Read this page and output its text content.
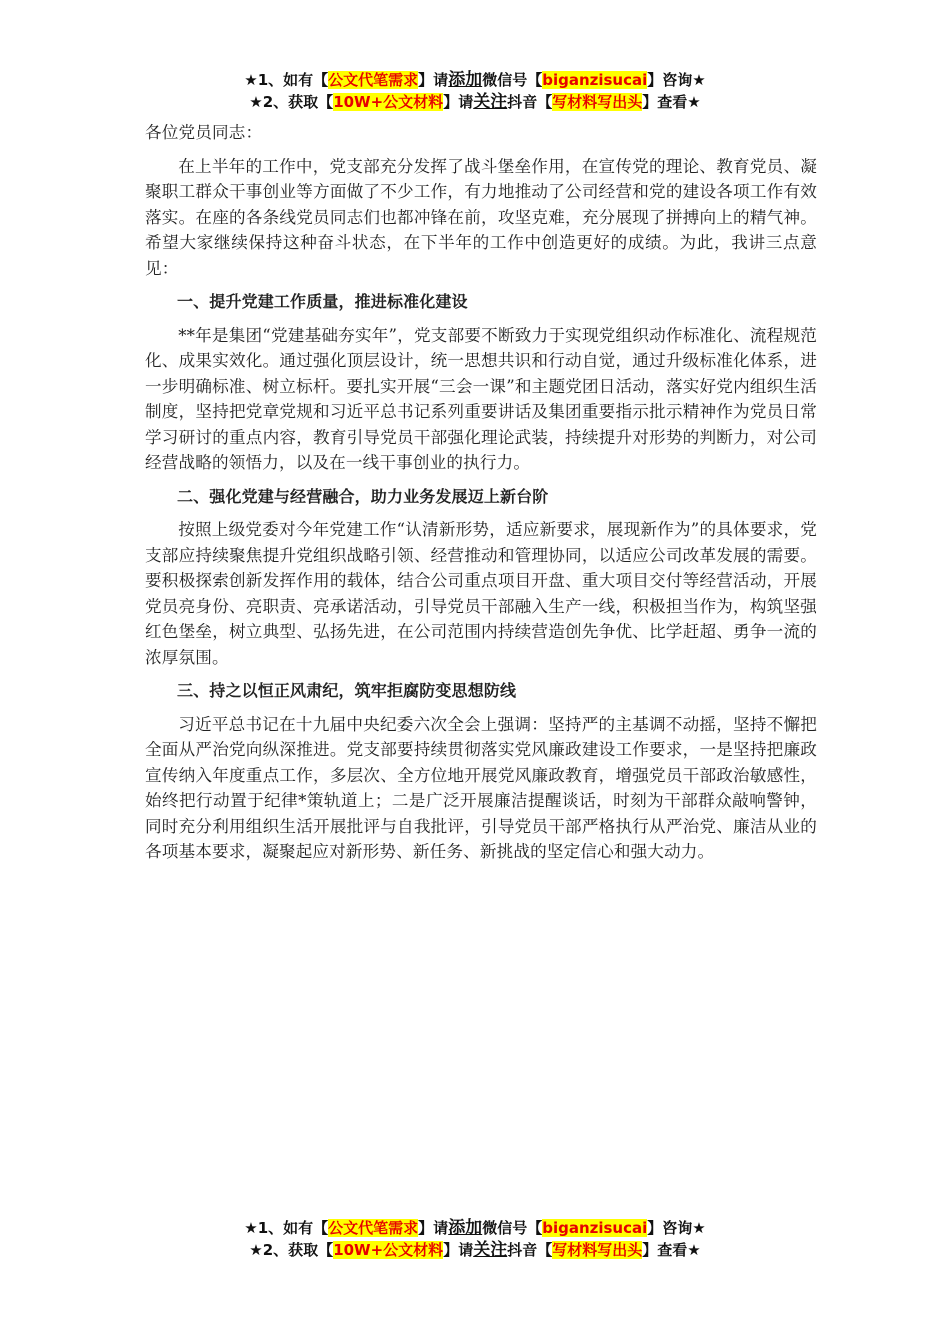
★1、如有【公文代笔需求】请添加微信号【biganzisucai】咨询★
★2、获取【10W+公文材料】请关注抖音【写材料写出头】查看★

各位党员同志：

在上半年的工作中，党支部充分发挥了战斗堡垒作用，在宣传党的理论、教育党员、凝聚职工群众干事创业等方面做了不少工作，有力地推动了公司经营和党的建设各项工作有效落实。在座的各条线党员同志们也都冲锋在前，攻坚克难，充分展现了拼搏向上的精气神。希望大家继续保持这种奋斗状态，在下半年的工作中创造更好的成绩。为此，我讲三点意见：

一、提升党建工作质量，推进标准化建设

**年是集团“党建基础夯实年”，党支部要不断致力于实现党组织动作标准化、流程规范化、成果实效化。通过强化顶层设计，统一思想共识和行动自觉，通过升级标准化体系，进一步明确标准、树立标杆。要扎实开展“三会一课”和主题党团日活动，落实好党内组织生活制度，坚持把党章党规和习近平总书记系列重要讲话及集团重要指示批示精神作为党员日常学习研讨的重点内容，教育引导党员干部强化理论武装，持续提升对形势的判断力，对公司经营战略的领悟力，以及在一线干事创业的执行力。

二、强化党建与经营融合，助力业务发展迈上新台阶

按照上级党委对今年党建工作“认清新形势，适应新要求，展现新作为”的具体要求，党支部应持续聚焦提升党组织战略引领、经营推动和管理协同，以适应公司改革发展的需要。要积极探索创新发挥作用的载体，结合公司重点项目开盘、重大项目交付等经营活动，开展党员亮身份、亮职责、亮承诺活动，引导党员干部融入生产一线，积极担当作为，构筑坚强红色堡垒，树立典型、弘扬先进，在公司范围内持续营造创先争优、比学赶超、勇争一流的浓厚氛围。

三、持之以恒正风肃纪，筑牢拒腐防变思想防线

习近平总书记在十九届中央纪委六次全会上强调：坚持严的主基调不动摇，坚持不懈把全面从严治党向纵深推进。党支部要持续贯彻落实党风廉政建设工作要求，一是坚持把廉政宣传纳入年度重点工作，多层次、全方位地开展党风廉政教育，增强党员干部政治敏感性，始终把行动置于纪律*策轨道上；二是广泛开展廉洁提醒谈话，时刻为干部群众敲响警钟，同时充分利用组织生活开展批评与自我批评，引导党员干部严格执行从严治党、廉洁从业的各项基本要求，凝聚起应对新形势、新任务、新挑战的坚定信心和强大动力。

★1、如有【公文代笔需求】请添加微信号【biganzisucai】咨询★
★2、获取【10W+公文材料】请关注抖音【写材料写出头】查看★
